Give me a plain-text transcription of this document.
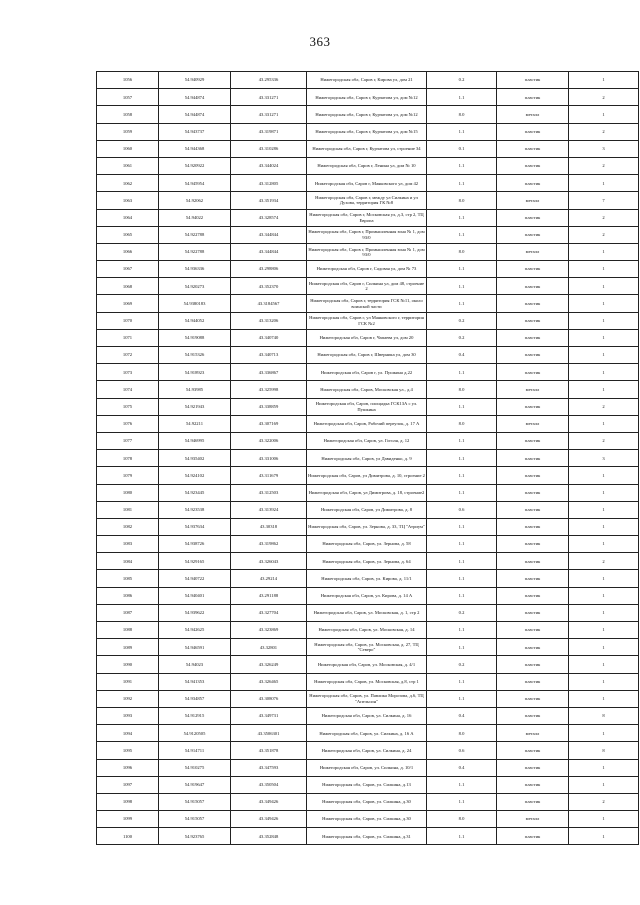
363
1056	54.940929	43.295336	Нижегородская обл, Саров г, Кирова ул, дом 21	0.2	пластик	1
1057	54.944874	43.331271	Нижегородская обл, Саров г, Курчатова ул, дом №12	1.1	пластик	2
1058	54.944874	43.331271	Нижегородская обл, Саров г, Курчатова ул, дом №12	8.0	металл	1
1059	54.943737	43.319871	Нижегородская обл, Саров г, Курчатова ул, дом №15	1.1	пластик	2
1060	54.944368	43.310286	Нижегородская обл, Саров г, Курчатова ул, строение 34	0.1	пластик	3
1061	54.920922	43.344024	Нижегородская обл, Саров г, Ленина ул, дом № 10	1.1	пластик	2
1062	54.945954	43.312805	Нижегородская обл, Саров г, Маяковского ул, дом 42	1.1	пластик	1
1063	54.92062	43.351934	Нижегородская обл, Саров г, между ул Силкина и ул Духова, территория ГК №8	8.0	металл	7
1064	54.94022	43.328574	Нижегородская обл, Саров г, Московская ул, д.3, стр 2, ТЦ Европа	1.1	пластик	2
1065	54.922788	43.344844	Нижегородская обл, Саров г, Промышленная зона № 1, дом 93/0	1.1	пластик	2
1066	54.922788	43.344844	Нижегородская обл, Саров г, Промышленная зона № 1, дом 93/0	8.0	металл	1
1067	54.936336	43.298806	Нижегородская обл, Саров г, Садовая ул, дом № 73	1.1	пластик	1
1068	54.920273	43.352370	Нижегородская обл, Саров г, Силкина ул, дом 48, строение 2	1.1	пластик	1
1069	54.9380183	43.3184567	Нижегородская обл, Саров г, территория ГСК №11, около воинской части	1.1	пластик	1
1070	54.944052	43.313206	Нижегородская обл, Саров г, ул Маяковского г, территория ГСК №2	0.2	пластик	1
1071	54.919088	43.340740	Нижегородская обл, Саров г, Чапаева ул, дом 20	0.2	пластик	1
1072	54.915326	43.340713	Нижегородская обл, Саров г, Шверника ул, дом 30	0.4	пластик	1
1073	54.918923	43.336867	Нижегородская обл, Саров г, ул. Пушкина д.22	1.1	пластик	1
1074	54.93985	43.325998	Нижегородская обл, Саров, Московская ул., д.4	8.0	металл	1
1075	54.921943	43.338859	Нижегородская обл, Саров, площадка ГСК13А с ул. Пушкина	1.1	пластик	2
1076	54.92211	43.307169	Нижегородская обл, Саров, Рабочий переулок, д. 17 А	8.0	металл	1
1077	54.946995	43.322006	Нижегородская обл, Саров, ул. Гоголя, д. 12	1.1	пластик	2
1078	54.935402	43.331006	Нижегородская обл, Саров, ул Давиденко, д. 9	1.1	пластик	3
1079	54.924102	43.311679	Нижегородская обл, Саров, ул Димитрова, д. 10, строение 2	1.1	пластик	1
1080	54.923445	43.312503	Нижегородская обл, Саров, ул Димитрова, д. 18, строение2	1.1	пластик	1
1081	54.923538	43.313924	Нижегородская обл, Саров, ул Димитрова, д. 8	0.6	пластик	1
1082	54.937634	43.30318	Нижегородская обл, Саров, ул. Зернова, д. 33, ТЦ "Атриум"	1.1	пластик	1
1083	54.938726	43.319862	Нижегородская обл, Саров, ул. Зернова, д. 58	1.1	пластик	1
1084	54.929165	43.326043	Нижегородская обл, Саров, ул. Зернова, д. 64	1.1	пластик	2
1085	54.940722	43.29214	Нижегородская обл, Саров, ул. Кирова, д. 11/1	1.1	пластик	1
1086	54.940401	43.291188	Нижегородская обл, Саров, ул. Кирова, д. 14 А	1.1	пластик	1
1087	54.939622	43.327704	Нижегородская обл, Саров, ул. Московская, д. 1, стр 2	0.2	пластик	1
1088	54.942625	43.323869	Нижегородская обл, Саров, ул. Московская, д. 14	1.1	пластик	1
1089	54.946591	43.32801	Нижегородская обл, Саров, ул. Московская, д. 27, ТЦ "Северо"	1.1	пластик	1
1090	54.94023	43.326249	Нижегородская обл, Саров, ул. Московская, д. 4/1	0.2	пластик	1
1091	54.941353	43.326465	Нижегородская обл, Саров, ул. Московская, д.8, стр 1	1.1	пластик	1
1092	54.934857	43.308076	Нижегородская обл, Саров, ул. Павлика Морозова, д.6, ТЦ "Апельсин"	1.1	пластик	1
1093	54.912915	43.349731	Нижегородская обл, Саров, ул. Силкина, д. 16	0.4	пластик	8
1094	54.9120505	43.3506301	Нижегородская обл, Саров, ул. Силкина, д. 16 А	8.0	металл	1
1095	54.914711	43.351878	Нижегородская обл, Саров, ул. Силкина, д. 24	0.6	пластик	8
1096	54.910275	43.347593	Нижегородская обл, Саров, ул. Силкина, д. 10/1	0.4	пластик	1
1097	54.919647	43.350504	Нижегородская обл, Саров, ул. Силкина, д.13	1.1	пластик	1
1098	54.915057	43.349426	Нижегородская обл, Саров, ул. Силкина, д.30	1.1	пластик	2
1099	54.915057	43.349426	Нижегородская обл, Саров, ул. Силкина, д.30	8.0	металл	1
1100	54.923765	43.352848	Нижегородская обл, Саров, ул. Силкина, д.31	1.1	пластик	1
